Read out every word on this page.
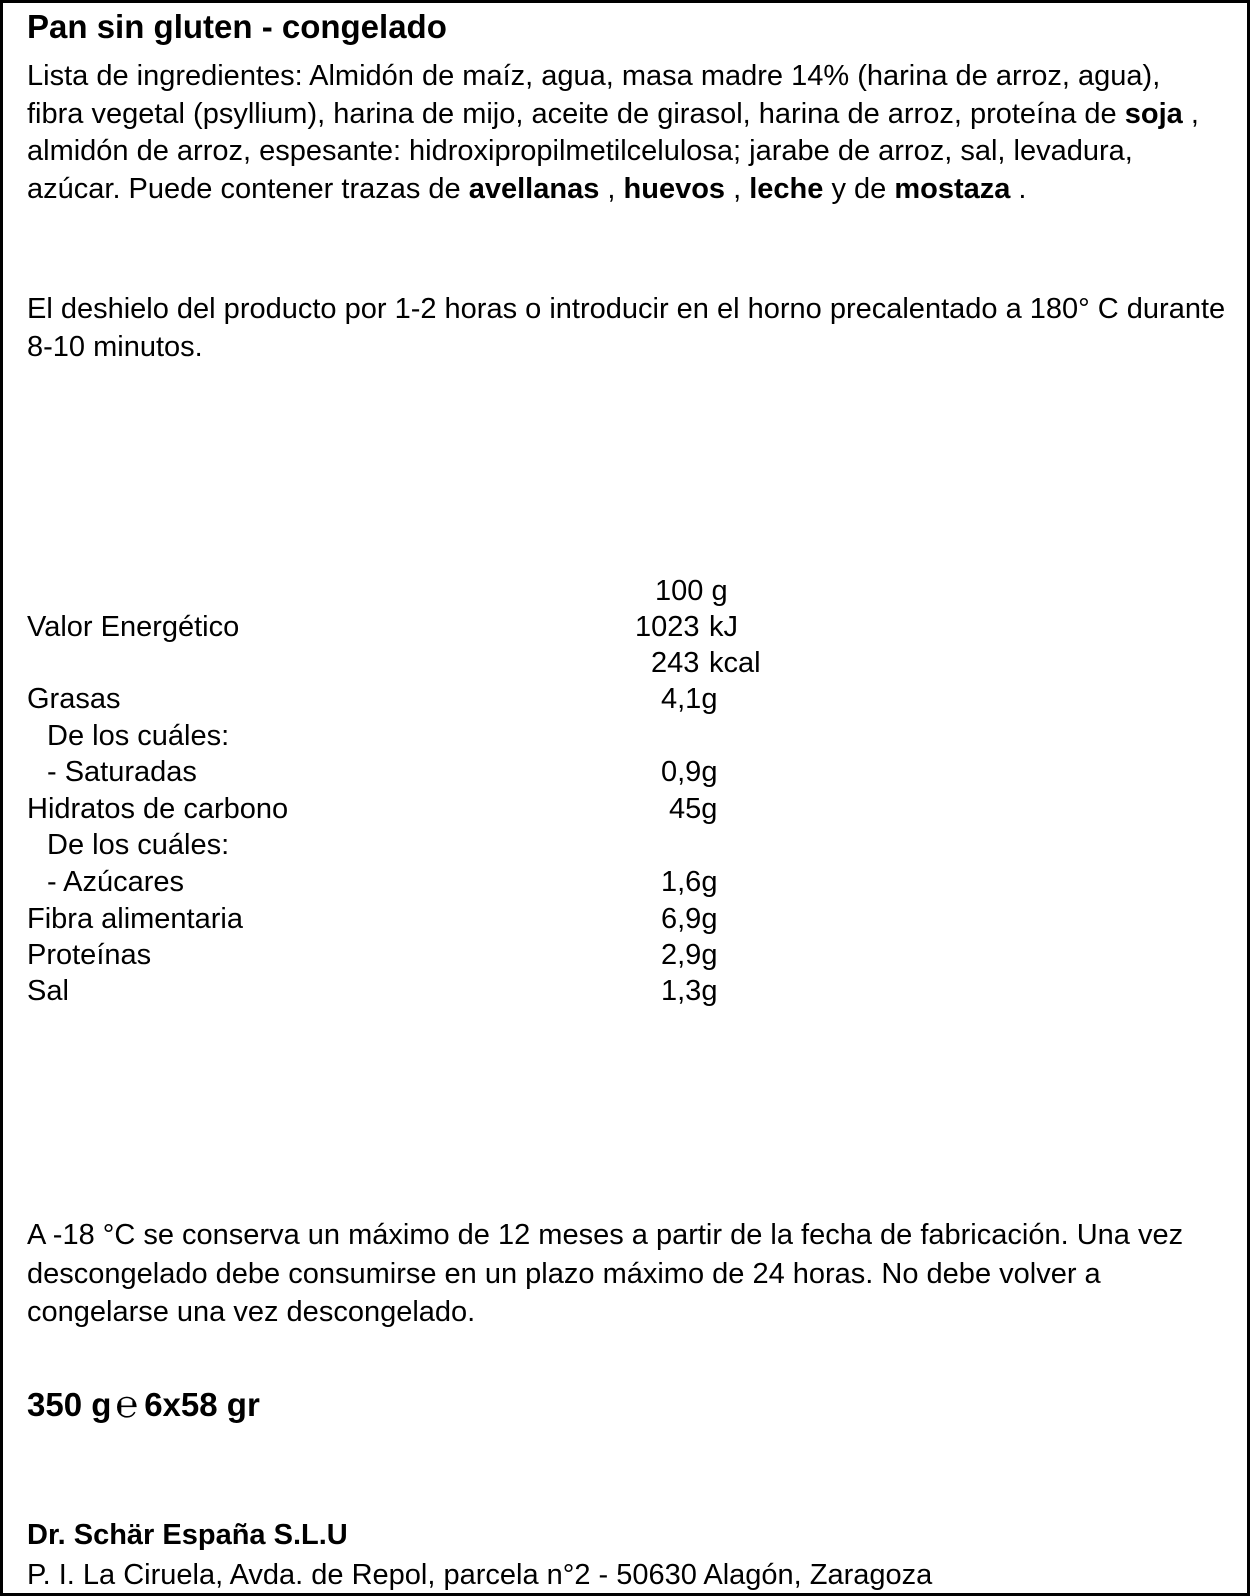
Pan sin gluten - congelado
Lista de ingredientes: Almidón de maíz, agua, masa madre 14% (harina de arroz, agua), fibra vegetal (psyllium), harina de mijo, aceite de girasol, harina de arroz, proteína de soja , almidón de arroz, espesante: hidroxipropilmetilcelulosa; jarabe de arroz, sal, levadura, azúcar. Puede contener trazas de avellanas , huevos , leche y de mostaza .
El deshielo del producto por 1-2 horas o introducir en el horno precalentado a 180° C durante 8-10 minutos.
100 g
Valor Energético	1023 kJ
243 kcal
Grasas	4,1g
De los cuáles:
- Saturadas	0,9g
Hidratos de carbono	45g
De los cuáles:
- Azúcares	1,6g
Fibra alimentaria	6,9g
Proteínas	2,9g
Sal	1,3g
A -18 °C se conserva un máximo de 12 meses a partir de la fecha de fabricación. Una vez descongelado debe consumirse en un plazo máximo de 24 horas. No debe volver a congelarse una vez descongelado.
350 g ℮ 6x58 gr
Dr. Schär España S.L.U
P. I. La Ciruela, Avda. de Repol, parcela n°2 - 50630 Alagón, Zaragoza
